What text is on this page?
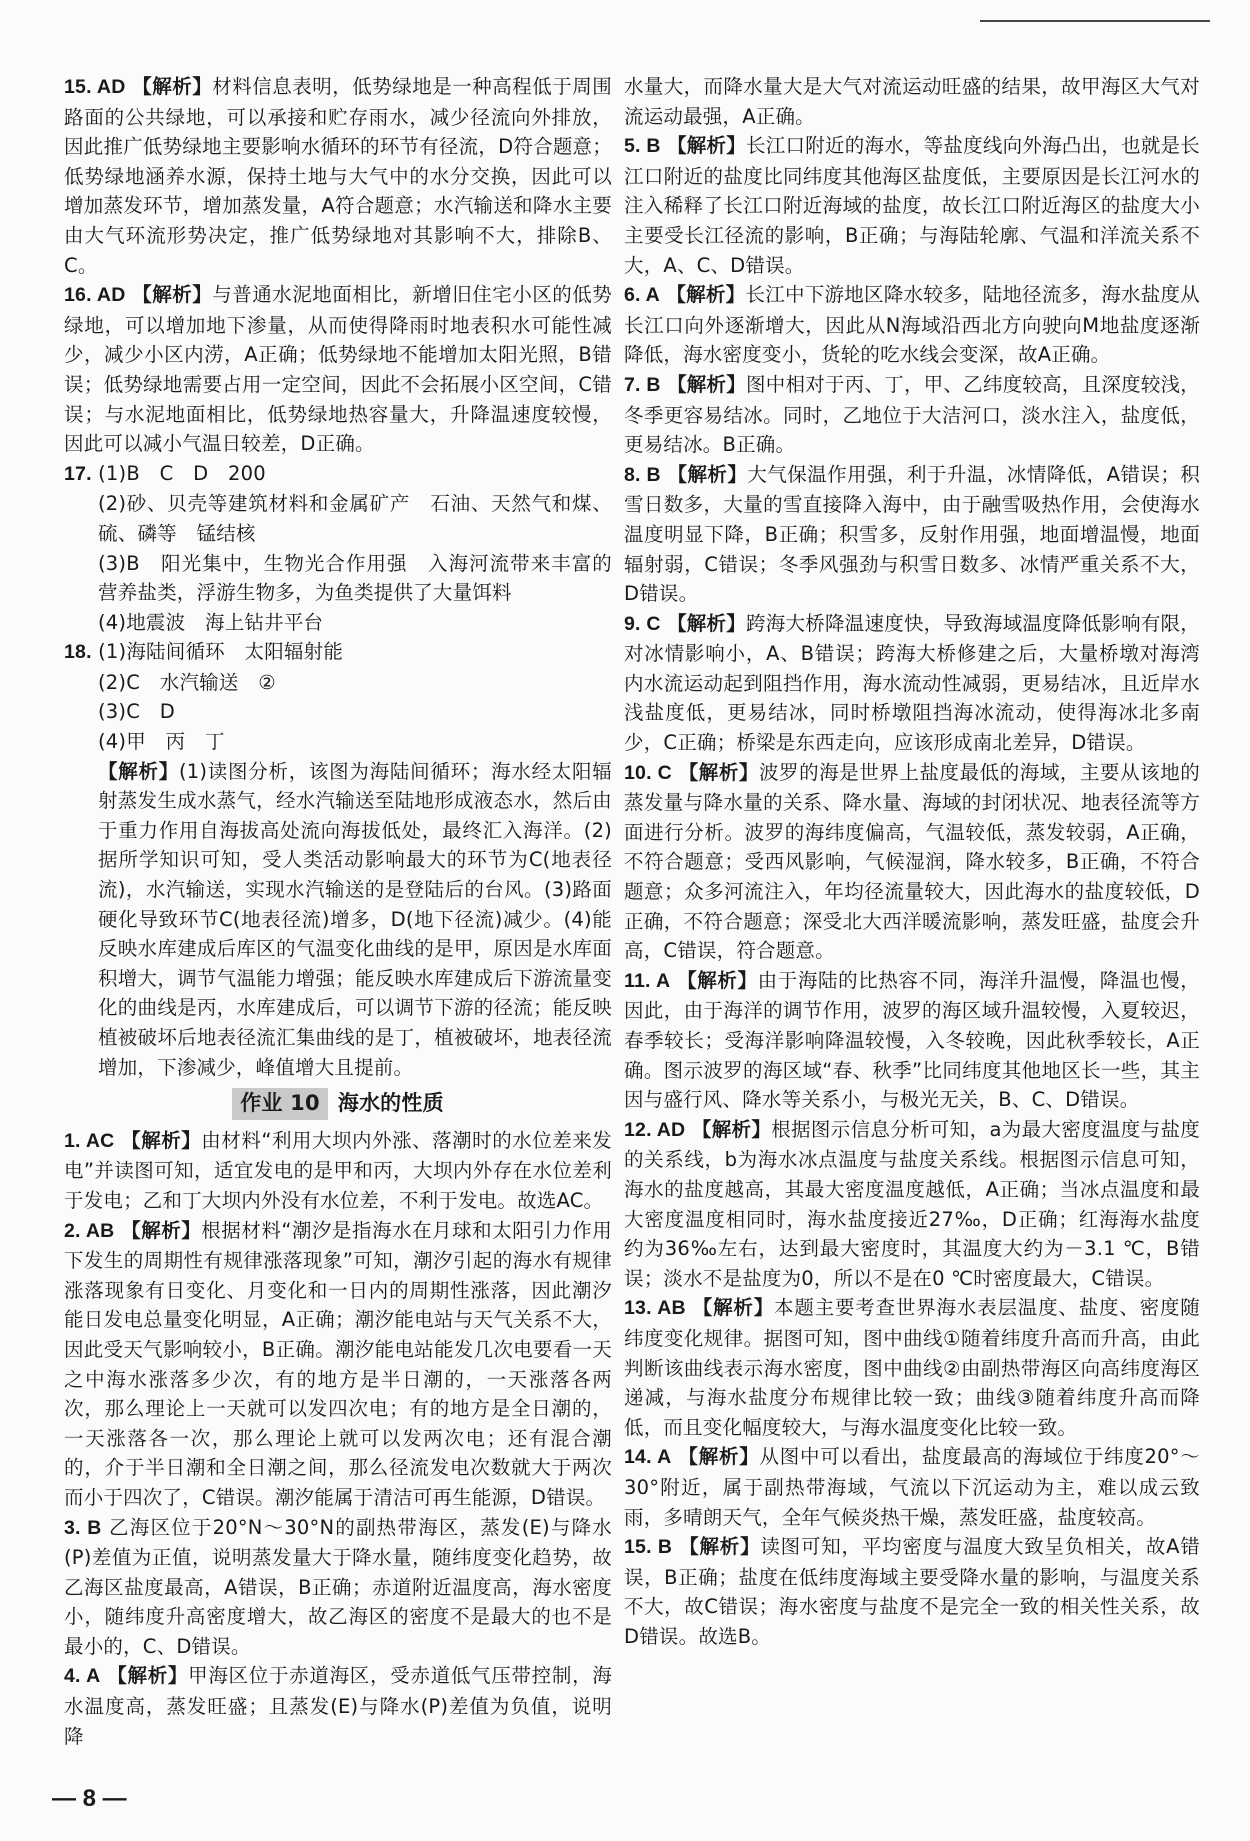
15. AD 【解析】材料信息表明，低势绿地是一种高程低于周围路面的公共绿地，可以承接和贮存雨水，减少径流向外排放，因此推广低势绿地主要影响水循环的环节有径流，D符合题意；低势绿地涵养水源，保持土地与大气中的水分交换，因此可以增加蒸发环节，增加蒸发量，A符合题意；水汽输送和降水主要由大气环流形势决定，推广低势绿地对其影响不大，排除B、C。

16. AD 【解析】与普通水泥地面相比，新增旧住宅小区的低势绿地，可以增加地下渗量，从而使得降雨时地表积水可能性减少，减少小区内涝，A正确；低势绿地不能增加太阳光照，B错误；低势绿地需要占用一定空间，因此不会拓展小区空间，C错误；与水泥地面相比，低势绿地热容量大，升降温速度较慢，因此可以减小气温日较差，D正确。

17. (1)B　C　D　200

(2)砂、贝壳等建筑材料和金属矿产　石油、天然气和煤、硫、磷等　锰结核

(3)B　阳光集中，生物光合作用强　入海河流带来丰富的营养盐类，浮游生物多，为鱼类提供了大量饵料

(4)地震波　海上钻井平台

18. (1)海陆间循环　太阳辐射能

(2)C　水汽输送　②

(3)C　D

(4)甲　丙　丁

【解析】(1)读图分析，该图为海陆间循环；海水经太阳辐射蒸发生成水蒸气，经水汽输送至陆地形成液态水，然后由于重力作用自海拔高处流向海拔低处，最终汇入海洋。(2)据所学知识可知，受人类活动影响最大的环节为C(地表径流)，水汽输送，实现水汽输送的是登陆后的台风。(3)路面硬化导致环节C(地表径流)增多，D(地下径流)减少。(4)能反映水库建成后库区的气温变化曲线的是甲，原因是水库面积增大，调节气温能力增强；能反映水库建成后下游流量变化的曲线是丙，水库建成后，可以调节下游的径流；能反映植被破坏后地表径流汇集曲线的是丁，植被破坏，地表径流增加，下渗减少，峰值增大且提前。

作业 10 海水的性质

1. AC 【解析】由材料“利用大坝内外涨、落潮时的水位差来发电”并读图可知，适宜发电的是甲和丙，大坝内外存在水位差利于发电；乙和丁大坝内外没有水位差，不利于发电。故选AC。

2. AB 【解析】根据材料“潮汐是指海水在月球和太阳引力作用下发生的周期性有规律涨落现象”可知，潮汐引起的海水有规律涨落现象有日变化、月变化和一日内的周期性涨落，因此潮汐能日发电总量变化明显，A正确；潮汐能电站与天气关系不大，因此受天气影响较小，B正确。潮汐能电站能发几次电要看一天之中海水涨落多少次，有的地方是半日潮的，一天涨落各两次，那么理论上一天就可以发四次电；有的地方是全日潮的，一天涨落各一次，那么理论上就可以发两次电；还有混合潮的，介于半日潮和全日潮之间，那么径流发电次数就大于两次而小于四次了，C错误。潮汐能属于清洁可再生能源，D错误。

3. B 乙海区位于20°N～30°N的副热带海区，蒸发(E)与降水(P)差值为正值，说明蒸发量大于降水量，随纬度变化趋势，故乙海区盐度最高，A错误，B正确；赤道附近温度高，海水密度小，随纬度升高密度增大，故乙海区的密度不是最大的也不是最小的，C、D错误。

4. A 【解析】甲海区位于赤道海区，受赤道低气压带控制，海水温度高，蒸发旺盛；且蒸发(E)与降水(P)差值为负值，说明降

水量大，而降水量大是大气对流运动旺盛的结果，故甲海区大气对流运动最强，A正确。

5. B 【解析】长江口附近的海水，等盐度线向外海凸出，也就是长江口附近的盐度比同纬度其他海区盐度低，主要原因是长江河水的注入稀释了长江口附近海域的盐度，故长江口附近海区的盐度大小主要受长江径流的影响，B正确；与海陆轮廓、气温和洋流关系不大，A、C、D错误。

6. A 【解析】长江中下游地区降水较多，陆地径流多，海水盐度从长江口向外逐渐增大，因此从N海域沿西北方向驶向M地盐度逐渐降低，海水密度变小，货轮的吃水线会变深，故A正确。

7. B 【解析】图中相对于丙、丁，甲、乙纬度较高，且深度较浅，冬季更容易结冰。同时，乙地位于大洁河口，淡水注入，盐度低，更易结冰。B正确。

8. B 【解析】大气保温作用强，利于升温，冰情降低，A错误；积雪日数多，大量的雪直接降入海中，由于融雪吸热作用，会使海水温度明显下降，B正确；积雪多，反射作用强，地面增温慢，地面辐射弱，C错误；冬季风强劲与积雪日数多、冰情严重关系不大，D错误。

9. C 【解析】跨海大桥降温速度快，导致海域温度降低影响有限，对冰情影响小，A、B错误；跨海大桥修建之后，大量桥墩对海湾内水流运动起到阻挡作用，海水流动性减弱，更易结冰，且近岸水浅盐度低，更易结冰，同时桥墩阻挡海冰流动，使得海冰北多南少，C正确；桥梁是东西走向，应该形成南北差异，D错误。

10. C 【解析】波罗的海是世界上盐度最低的海域，主要从该地的蒸发量与降水量的关系、降水量、海域的封闭状况、地表径流等方面进行分析。波罗的海纬度偏高，气温较低，蒸发较弱，A正确，不符合题意；受西风影响，气候湿润，降水较多，B正确，不符合题意；众多河流注入，年均径流量较大，因此海水的盐度较低，D正确，不符合题意；深受北大西洋暖流影响，蒸发旺盛，盐度会升高，C错误，符合题意。

11. A 【解析】由于海陆的比热容不同，海洋升温慢，降温也慢，因此，由于海洋的调节作用，波罗的海区域升温较慢，入夏较迟，春季较长；受海洋影响降温较慢，入冬较晚，因此秋季较长，A正确。图示波罗的海区域“春、秋季”比同纬度其他地区长一些，其主因与盛行风、降水等关系小，与极光无关，B、C、D错误。

12. AD 【解析】根据图示信息分析可知，a为最大密度温度与盐度的关系线，b为海水冰点温度与盐度关系线。根据图示信息可知，海水的盐度越高，其最大密度温度越低，A正确；当冰点温度和最大密度温度相同时，海水盐度接近27‰，D正确；红海海水盐度约为36‰左右，达到最大密度时，其温度大约为－3.1 ℃，B错误；淡水不是盐度为0，所以不是在0 ℃时密度最大，C错误。

13. AB 【解析】本题主要考查世界海水表层温度、盐度、密度随纬度变化规律。据图可知，图中曲线①随着纬度升高而升高，由此判断该曲线表示海水密度，图中曲线②由副热带海区向高纬度海区递减，与海水盐度分布规律比较一致；曲线③随着纬度升高而降低，而且变化幅度较大，与海水温度变化比较一致。

14. A 【解析】从图中可以看出，盐度最高的海域位于纬度20°～30°附近，属于副热带海域，气流以下沉运动为主，难以成云致雨，多晴朗天气，全年气候炎热干燥，蒸发旺盛，盐度较高。

15. B 【解析】读图可知，平均密度与温度大致呈负相关，故A错误，B正确；盐度在低纬度海域主要受降水量的影响，与温度关系不大，故C错误；海水密度与盐度不是完全一致的相关性关系，故D错误。故选B。

— 8 —
